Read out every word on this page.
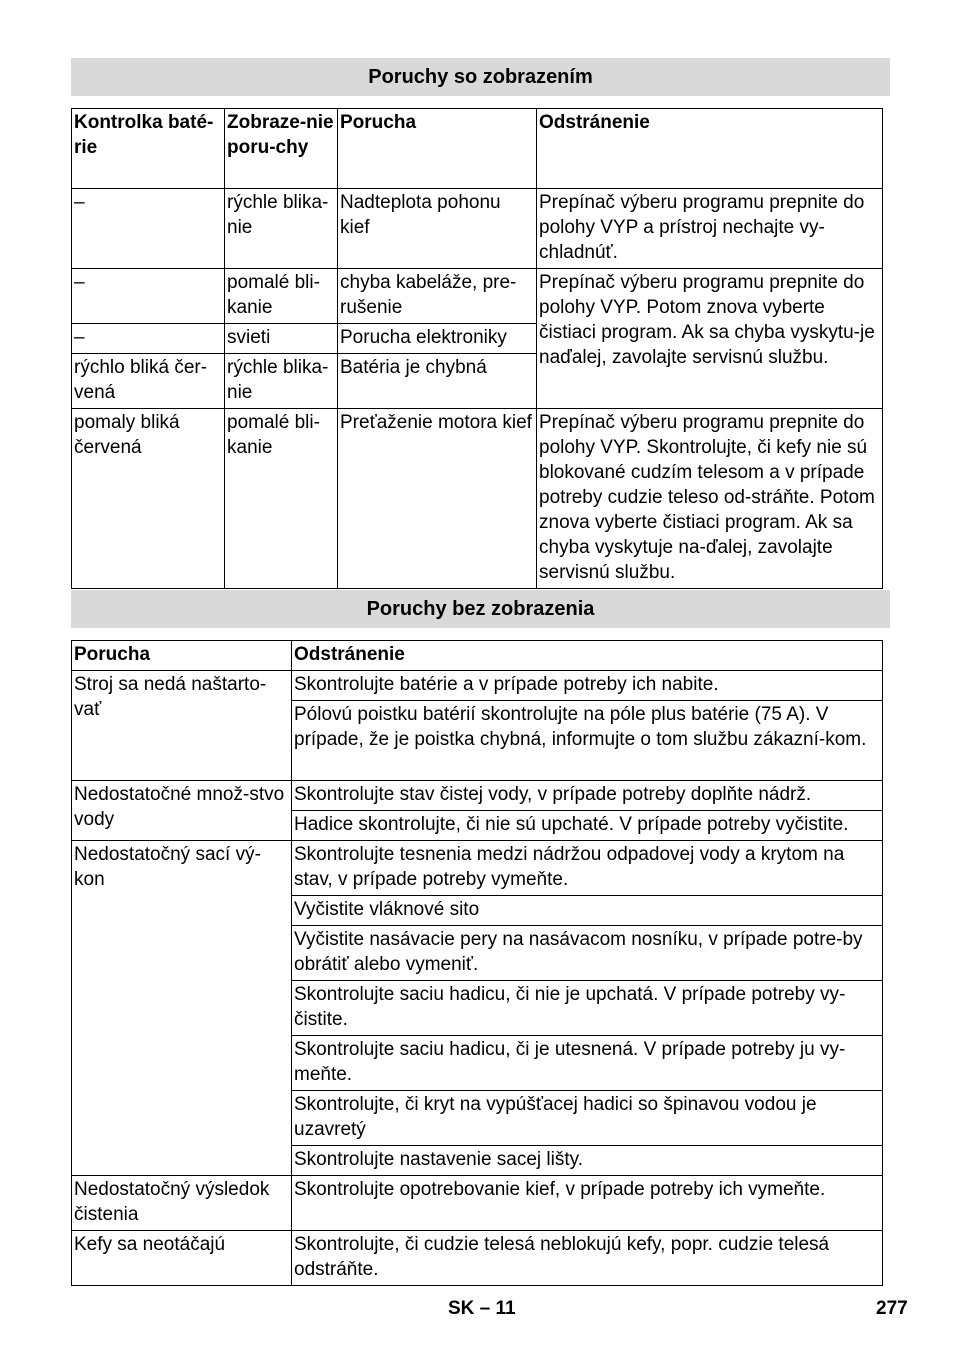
Poruchy so zobrazením
Kontrolka baté-rie	Zobraze-nie poru-chy	Porucha	Odstránenie
–	rýchle blika-nie	Nadteplota pohonu kief	Prepínač výberu programu prepnite do polohy VYP a prístroj nechajte vy-chladnúť.
–	pomalé bli-kanie	chyba kabeláže, pre-rušenie	Prepínač výberu programu prepnite do polohy VYP. Potom znova vyberte čistiaci program. Ak sa chyba vyskytu-je naďalej, zavolajte servisnú službu.
–	svieti	Porucha elektroniky	
rýchlo bliká čer-vená	rýchle blika-nie	Batéria je chybná	
pomaly bliká červená	pomalé bli-kanie	Preťaženie motora kief	Prepínač výberu programu prepnite do polohy VYP. Skontrolujte, či kefy nie sú blokované cudzím telesom a v prípade potreby cudzie teleso od-stráňte. Potom znova vyberte čistiaci program. Ak sa chyba vyskytuje na-ďalej, zavolajte servisnú službu.
Poruchy bez zobrazenia
Porucha	Odstránenie
Stroj sa nedá naštarto-vať	Skontrolujte batérie a v prípade potreby ich nabite.
	Pólovú poistku batérií skontrolujte na póle plus batérie (75 A). V prípade, že je poistka chybná, informujte o tom službu zákazní-kom.
Nedostatočné množ-stvo vody	Skontrolujte stav čistej vody, v prípade potreby doplňte nádrž.
	Hadice skontrolujte, či nie sú upchaté. V prípade potreby vyčistite.
Nedostatočný sací vý-kon	Skontrolujte tesnenia medzi nádržou odpadovej vody a krytom na stav, v prípade potreby vymeňte.
	Vyčistite vláknové sito
	Vyčistite nasávacie pery na nasávacom nosníku, v prípade potre-by obrátiť alebo vymeniť.
	Skontrolujte saciu hadicu, či nie je upchatá. V prípade potreby vy-čistite.
	Skontrolujte saciu hadicu, či je utesnená. V prípade potreby ju vy-meňte.
	Skontrolujte, či kryt na vypúšťacej hadici so špinavou vodou je uzavretý
	Skontrolujte nastavenie sacej lišty.
Nedostatočný výsledok čistenia	Skontrolujte opotrebovanie kief, v prípade potreby ich vymeňte.
Kefy sa neotáčajú	Skontrolujte, či cudzie telesá neblokujú kefy, popr. cudzie telesá odstráňte.
SK – 11	277
